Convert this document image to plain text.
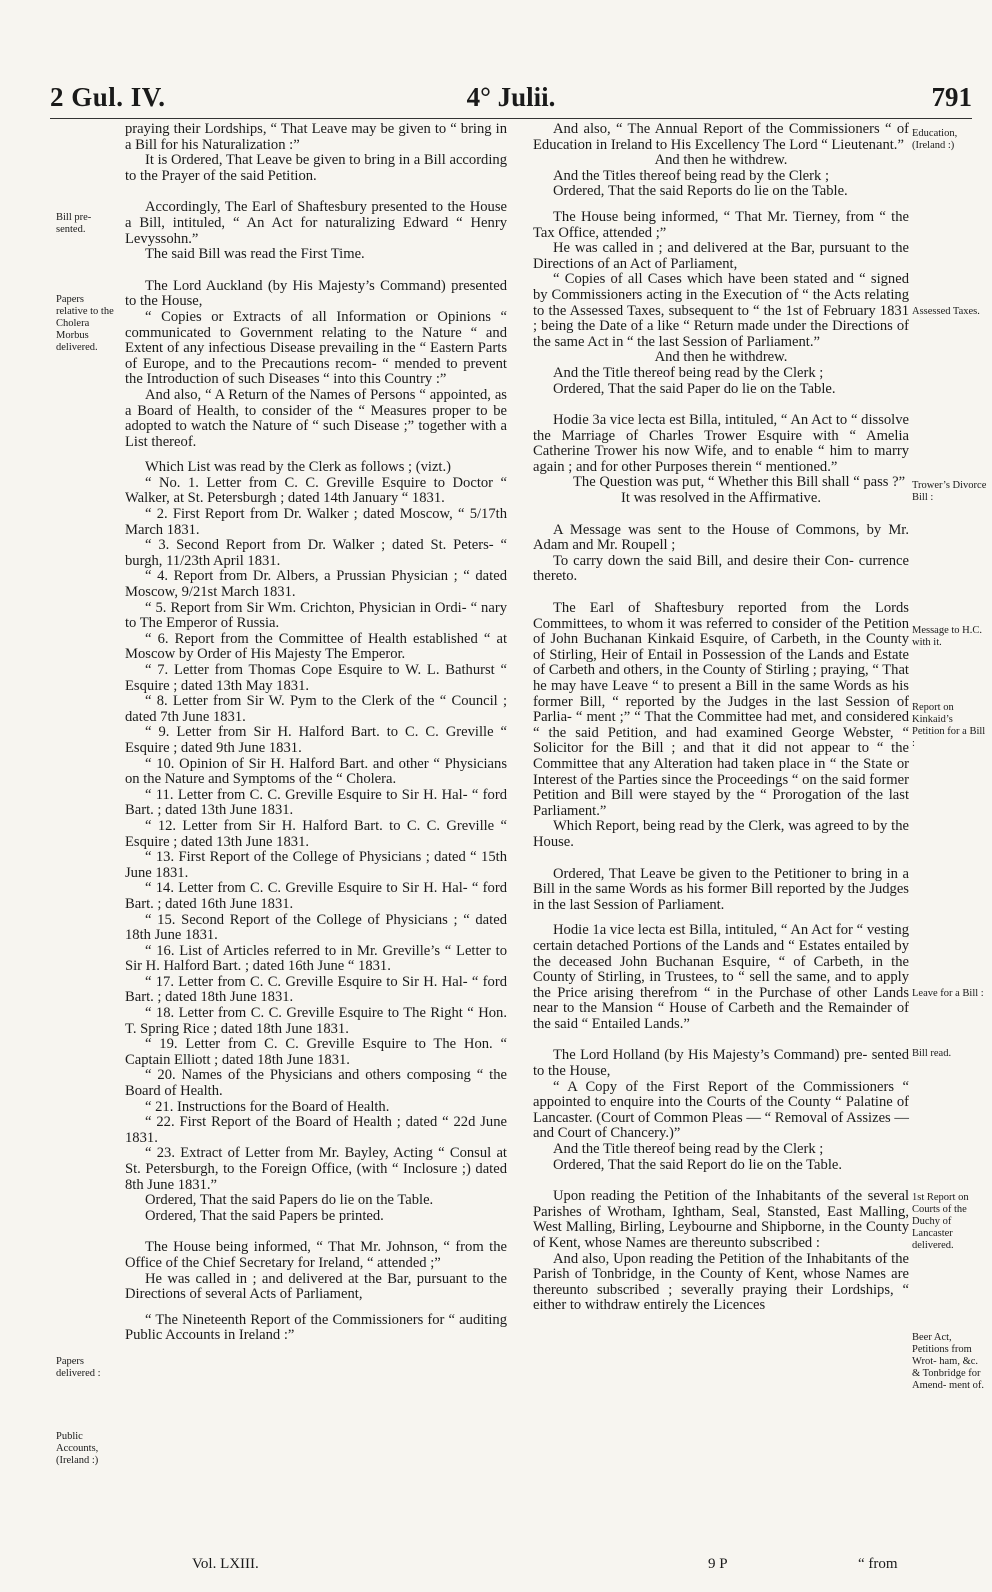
2 Gul. IV.	4° Julii.	791
Bill pre- sented.
Papers relative to the Cholera Morbus delivered.
Papers delivered :
Public Accounts, (Ireland :)
Education, (Ireland :)
Assessed Taxes.
Trower’s Divorce Bill :
Message to H.C. with it.
Report on Kinkaid’s Petition for a Bill :
Leave for a Bill :
Bill read.
1st Report on Courts of the Duchy of Lancaster delivered.
Beer Act, Petitions from Wrot- ham, &c. & Tonbridge for Amend- ment of.

praying their Lordships, “ That Leave may be given to “ bring in a Bill for his Naturalization :”

It is Ordered, That Leave be given to bring in a Bill according to the Prayer of the said Petition.

Accordingly, The Earl of Shaftesbury presented to the House a Bill, intituled, “ An Act for naturalizing Edward “ Henry Levyssohn.”

The said Bill was read the First Time.

The Lord Auckland (by His Majesty’s Command) presented to the House,

“ Copies or Extracts of all Information or Opinions “ communicated to Government relating to the Nature “ and Extent of any infectious Disease prevailing in the “ Eastern Parts of Europe, and to the Precautions recom- “ mended to prevent the Introduction of such Diseases “ into this Country :”

And also, “ A Return of the Names of Persons “ appointed, as a Board of Health, to consider of the “ Measures proper to be adopted to watch the Nature of “ such Disease ;” together with a List thereof.

Which List was read by the Clerk as follows ; (vizt.)

“ No. 1. Letter from C. C. Greville Esquire to Doctor “ Walker, at St. Petersburgh ; dated 14th January “ 1831.

“ 2. First Report from Dr. Walker ; dated Moscow, “ 5/17th March 1831.

“ 3. Second Report from Dr. Walker ; dated St. Peters- “ burgh, 11/23th April 1831.

“ 4. Report from Dr. Albers, a Prussian Physician ; “ dated Moscow, 9/21st March 1831.

“ 5. Report from Sir Wm. Crichton, Physician in Ordi- “ nary to The Emperor of Russia.

“ 6. Report from the Committee of Health established “ at Moscow by Order of His Majesty The Emperor.

“ 7. Letter from Thomas Cope Esquire to W. L. Bathurst “ Esquire ; dated 13th May 1831.

“ 8. Letter from Sir W. Pym to the Clerk of the “ Council ; dated 7th June 1831.

“ 9. Letter from Sir H. Halford Bart. to C. C. Greville “ Esquire ; dated 9th June 1831.

“ 10. Opinion of Sir H. Halford Bart. and other “ Physicians on the Nature and Symptoms of the “ Cholera.

“ 11. Letter from C. C. Greville Esquire to Sir H. Hal- “ ford Bart. ; dated 13th June 1831.

“ 12. Letter from Sir H. Halford Bart. to C. C. Greville “ Esquire ; dated 13th June 1831.

“ 13. First Report of the College of Physicians ; dated “ 15th June 1831.

“ 14. Letter from C. C. Greville Esquire to Sir H. Hal- “ ford Bart. ; dated 16th June 1831.

“ 15. Second Report of the College of Physicians ; “ dated 18th June 1831.

“ 16. List of Articles referred to in Mr. Greville’s “ Letter to Sir H. Halford Bart. ; dated 16th June “ 1831.

“ 17. Letter from C. C. Greville Esquire to Sir H. Hal- “ ford Bart. ; dated 18th June 1831.

“ 18. Letter from C. C. Greville Esquire to The Right “ Hon. T. Spring Rice ; dated 18th June 1831.

“ 19. Letter from C. C. Greville Esquire to The Hon. “ Captain Elliott ; dated 18th June 1831.

“ 20. Names of the Physicians and others composing “ the Board of Health.

“ 21. Instructions for the Board of Health.

“ 22. First Report of the Board of Health ; dated “ 22d June 1831.

“ 23. Extract of Letter from Mr. Bayley, Acting “ Consul at St. Petersburgh, to the Foreign Office, (with “ Inclosure ;) dated 8th June 1831.”

Ordered, That the said Papers do lie on the Table.

Ordered, That the said Papers be printed.

The House being informed, “ That Mr. Johnson, “ from the Office of the Chief Secretary for Ireland, “ attended ;”

He was called in ; and delivered at the Bar, pursuant to the Directions of several Acts of Parliament,

“ The Nineteenth Report of the Commissioners for “ auditing Public Accounts in Ireland :”

And also, “ The Annual Report of the Commissioners “ of Education in Ireland to His Excellency The Lord “ Lieutenant.”

And then he withdrew.

And the Titles thereof being read by the Clerk ;

Ordered, That the said Reports do lie on the Table.

The House being informed, “ That Mr. Tierney, from “ the Tax Office, attended ;”

He was called in ; and delivered at the Bar, pursuant to the Directions of an Act of Parliament,

“ Copies of all Cases which have been stated and “ signed by Commissioners acting in the Execution of “ the Acts relating to the Assessed Taxes, subsequent to “ the 1st of February 1831 ; being the Date of a like “ Return made under the Directions of the same Act in “ the last Session of Parliament.”

And then he withdrew.

And the Title thereof being read by the Clerk ;

Ordered, That the said Paper do lie on the Table.

Hodie 3a vice lecta est Billa, intituled, “ An Act to “ dissolve the Marriage of Charles Trower Esquire with “ Amelia Catherine Trower his now Wife, and to enable “ him to marry again ; and for other Purposes therein “ mentioned.”

The Question was put, “ Whether this Bill shall “ pass ?”

It was resolved in the Affirmative.

A Message was sent to the House of Commons, by Mr. Adam and Mr. Roupell ;

To carry down the said Bill, and desire their Con- currence thereto.

The Earl of Shaftesbury reported from the Lords Committees, to whom it was referred to consider of the Petition of John Buchanan Kinkaid Esquire, of Carbeth, in the County of Stirling, Heir of Entail in Possession of the Lands and Estate of Carbeth and others, in the County of Stirling ; praying, “ That he may have Leave “ to present a Bill in the same Words as his former Bill, “ reported by the Judges in the last Session of Parlia- “ ment ;” “ That the Committee had met, and considered “ the said Petition, and had examined George Webster, “ Solicitor for the Bill ; and that it did not appear to “ the Committee that any Alteration had taken place in “ the State or Interest of the Parties since the Proceedings “ on the said former Petition and Bill were stayed by the “ Prorogation of the last Parliament.”

Which Report, being read by the Clerk, was agreed to by the House.

Ordered, That Leave be given to the Petitioner to bring in a Bill in the same Words as his former Bill reported by the Judges in the last Session of Parliament.

Hodie 1a vice lecta est Billa, intituled, “ An Act for “ vesting certain detached Portions of the Lands and “ Estates entailed by the deceased John Buchanan Esquire, “ of Carbeth, in the County of Stirling, in Trustees, to “ sell the same, and to apply the Price arising therefrom “ in the Purchase of other Lands near to the Mansion “ House of Carbeth and the Remainder of the said “ Entailed Lands.”

The Lord Holland (by His Majesty’s Command) pre- sented to the House,

“ A Copy of the First Report of the Commissioners “ appointed to enquire into the Courts of the County “ Palatine of Lancaster. (Court of Common Pleas — “ Removal of Assizes — and Court of Chancery.)”

And the Title thereof being read by the Clerk ;

Ordered, That the said Report do lie on the Table.

Upon reading the Petition of the Inhabitants of the several Parishes of Wrotham, Ightham, Seal, Stansted, East Malling, West Malling, Birling, Leybourne and Shipborne, in the County of Kent, whose Names are thereunto subscribed :

And also, Upon reading the Petition of the Inhabitants of the Parish of Tonbridge, in the County of Kent, whose Names are thereunto subscribed ; severally praying their Lordships, “ either to withdraw entirely the Licences

Vol. LXIII.	9 P	“ from
